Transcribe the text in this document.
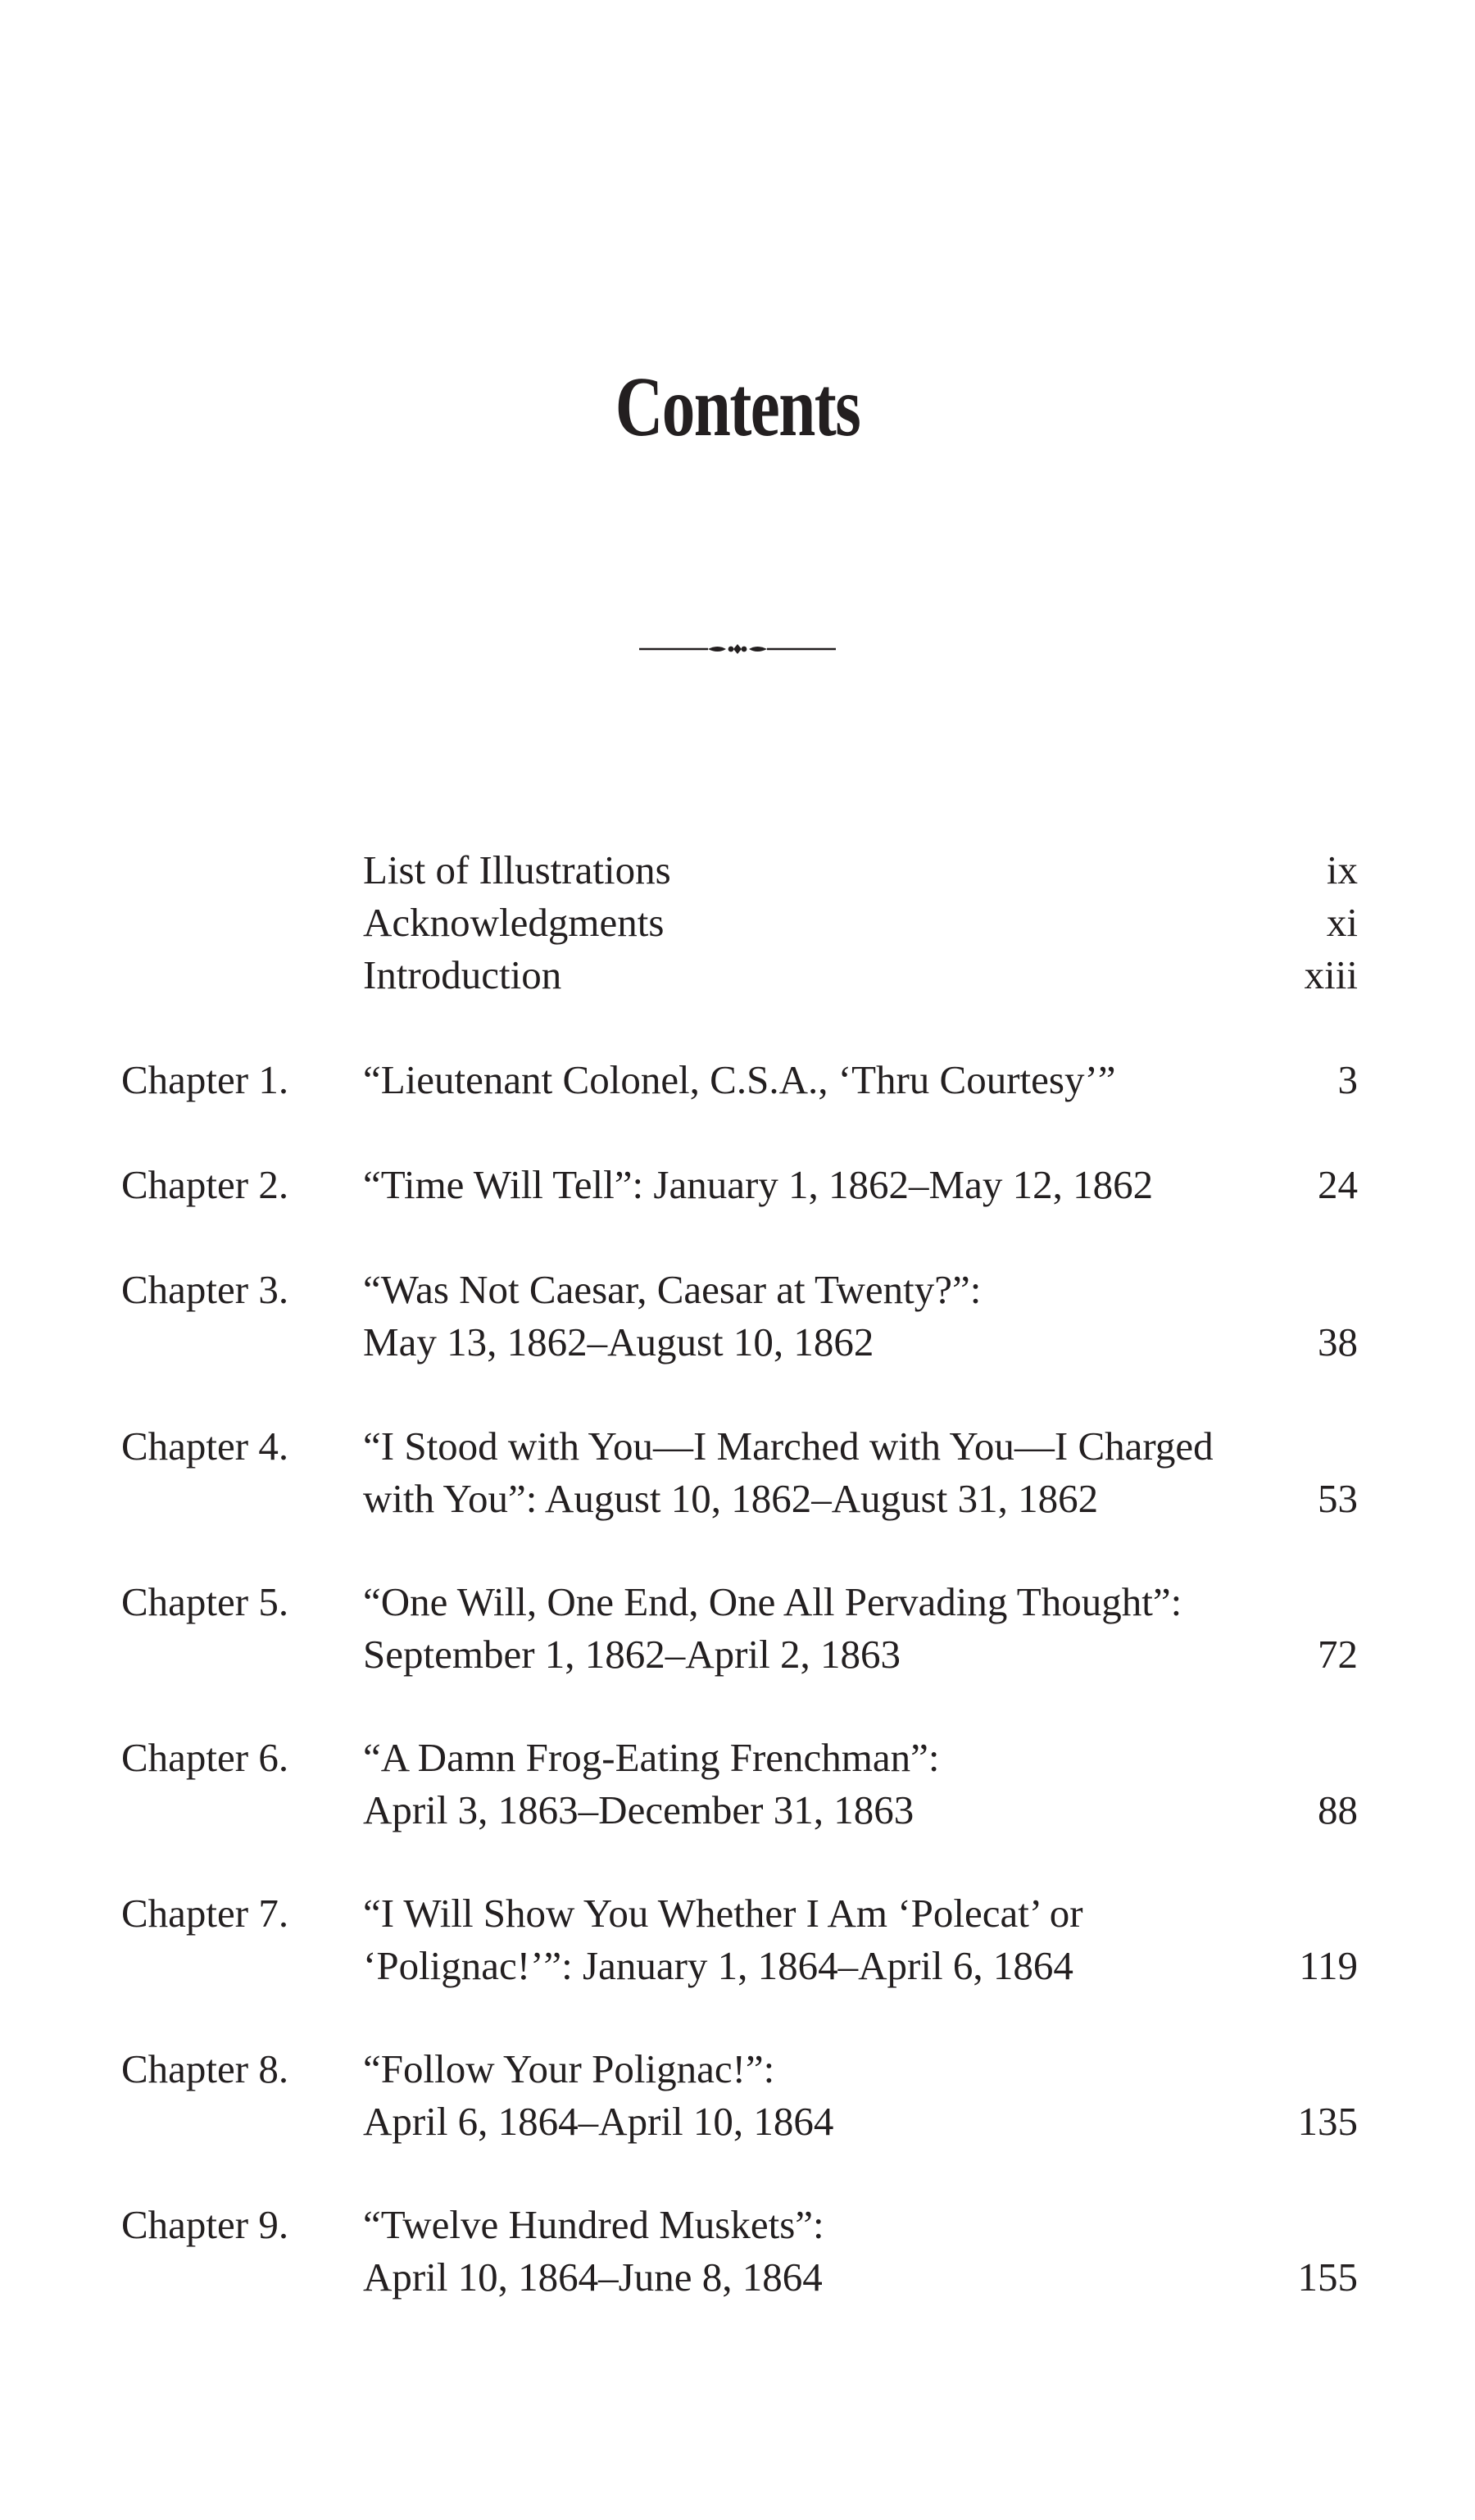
Contents
List of Illustrations	ix
Acknowledgments	xi
Introduction	xiii
Chapter 1. “Lieutenant Colonel, C.S.A., ‘Thru Courtesy’”	3
Chapter 2. “Time Will Tell”: January 1, 1862–May 12, 1862	24
Chapter 3. “Was Not Caesar, Caesar at Twenty?”:
May 13, 1862–August 10, 1862	38
Chapter 4. “I Stood with You—I Marched with You—I Charged
with You”: August 10, 1862–August 31, 1862	53
Chapter 5. “One Will, One End, One All Pervading Thought”:
September 1, 1862–April 2, 1863	72
Chapter 6. “A Damn Frog-Eating Frenchman”:
April 3, 1863–December 31, 1863	88
Chapter 7. “I Will Show You Whether I Am ‘Polecat’ or
‘Polignac!’”: January 1, 1864–April 6, 1864	119
Chapter 8. “Follow Your Polignac!”:
April 6, 1864–April 10, 1864	135
Chapter 9. “Twelve Hundred Muskets”:
April 10, 1864–June 8, 1864	155
